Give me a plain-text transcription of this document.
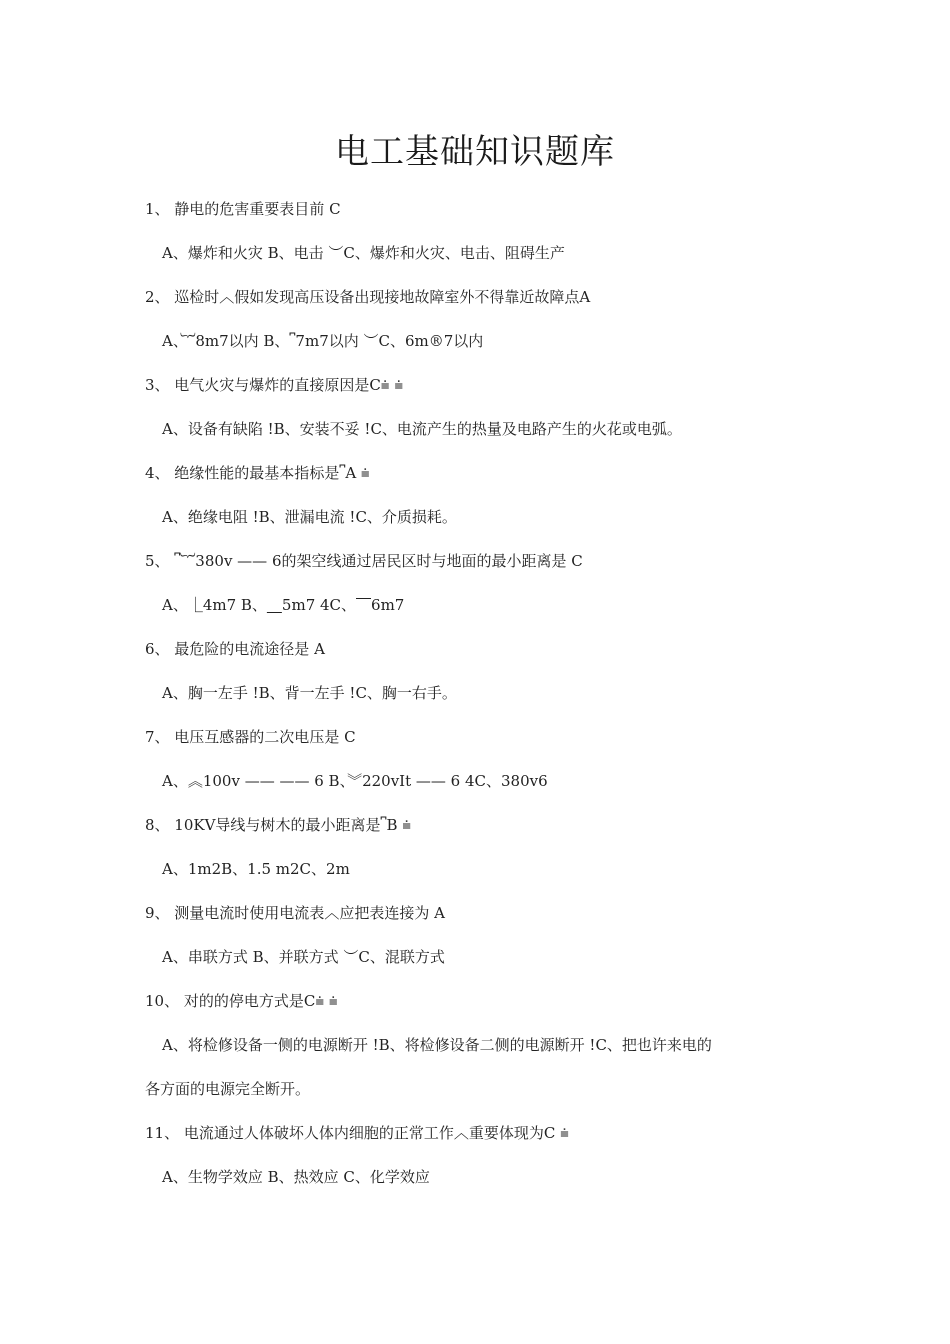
电工基础知识题库
1、 静电的危害重要表目前 C
A、爆炸和火灾 B、电击 ︶C、爆炸和火灾、电击、阻碍生产
2、 巡检时︿假如发现高压设备出现接地故障室外不得靠近故障点A
A、︸8m7以内 B、⎴7m7以内 ︶C、6m®7以内
3、 电气火灾与爆炸的直接原因是C⩧ ⩧
A、设备有缺陷 !B、安装不妥 !C、电流产生的热量及电路产生的火花或电弧。
4、 绝缘性能的最基本指标是⎴A ⩧
A、绝缘电阻 !B、泄漏电流 !C、介质损耗。
5、 ⎴︸380v —— 6的架空线通过居民区时与地面的最小距离是 C
A、⎿4m7 B、⎽5m7 4C、⎺6m7
6、 最危险的电流途径是 A
A、胸一左手 !B、背一左手 !C、胸一右手。
7、 电压互感器的二次电压是 C
A、︽100v —— —— 6 B、︾220vIt —— 6 4C、380v6
8、 10KV导线与树木的最小距离是⎴B ⩧
A、1m2B、1.5 m2C、2m
9、 测量电流时使用电流表︿应把表连接为 A
A、串联方式 B、并联方式 ︶C、混联方式
10、 对的的停电方式是C⩧ ⩧
A、将检修设备一侧的电源断开 !B、将检修设备二侧的电源断开 !C、把也许来电的
各方面的电源完全断开。
11、 电流通过人体破坏人体内细胞的正常工作︿重要体现为C ⩧
A、生物学效应 B、热效应 C、化学效应
